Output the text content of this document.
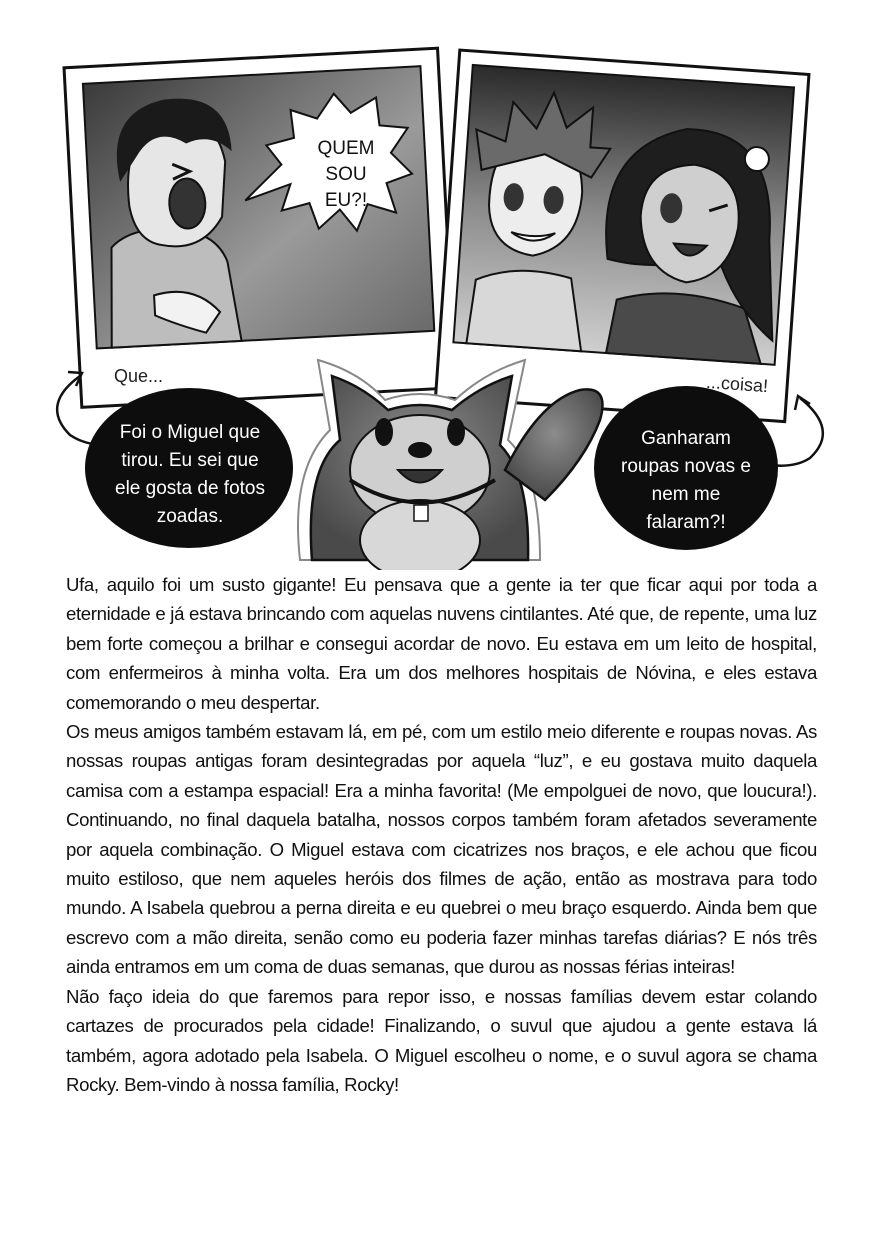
QUEM
SOU
EU?!
Que...	...coisa!
Foi o Miguel que
tirou. Eu sei que
ele gosta de fotos
zoadas.
Ganharam
roupas novas e
nem me
falaram?!

Ufa, aquilo foi um susto gigante! Eu pensava que a gente ia ter que ficar aqui por toda a eternidade e já estava brincando com aquelas nuvens cintilantes. Até que, de repente, uma luz bem forte começou a brilhar e consegui acordar de novo. Eu estava em um leito de hospital, com enfermeiros à minha volta. Era um dos melhores hospitais de Nóvina, e eles estava comemorando o meu despertar.

Os meus amigos também estavam lá, em pé, com um estilo meio diferente e roupas novas. As nossas roupas antigas foram desintegradas por aquela “luz”, e eu gostava muito daquela camisa com a estampa espacial! Era a minha favorita! (Me empolguei de novo, que loucura!). Continuando, no final daquela batalha, nossos corpos também foram afetados severamente por aquela combinação. O Miguel estava com cicatrizes nos braços, e ele achou que ficou muito estiloso, que nem aqueles heróis dos filmes de ação, então as mostrava para todo mundo. A Isabela quebrou a perna direita e eu quebrei o meu braço esquerdo. Ainda bem que escrevo com a mão direita, senão como eu poderia fazer minhas tarefas diárias? E nós três ainda entramos em um coma de duas semanas, que durou as nossas férias inteiras!

Não faço ideia do que faremos para repor isso, e nossas famílias devem estar colando cartazes de procurados pela cidade! Finalizando, o suvul que ajudou a gente estava lá também, agora adotado pela Isabela. O Miguel escolheu o nome, e o suvul agora se chama Rocky. Bem-vindo à nossa família, Rocky!
